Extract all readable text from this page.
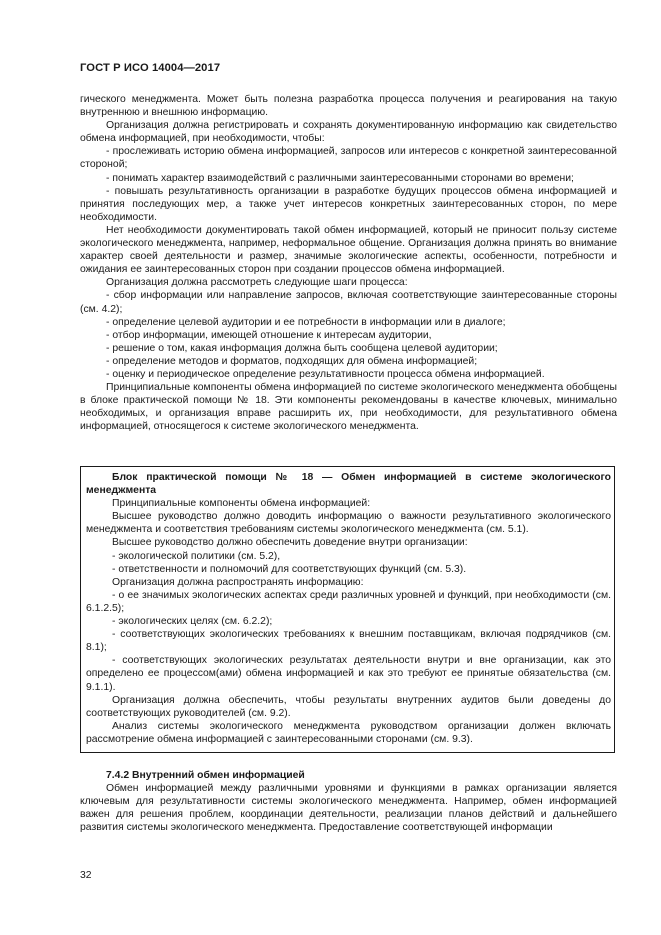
ГОСТ Р ИСО 14004—2017

гического менеджмента. Может быть полезна разработка процесса получения и реагирования на такую внутреннюю и внешнюю информацию.

Организация должна регистрировать и сохранять документированную информацию как свидетельство обмена информацией, при необходимости, чтобы:

- прослеживать историю обмена информацией, запросов или интересов с конкретной заинтересованной стороной;

- понимать характер взаимодействий с различными заинтересованными сторонами во времени;

- повышать результативность организации в разработке будущих процессов обмена информацией и принятия последующих мер, а также учет интересов конкретных заинтересованных сторон, по мере необходимости.

Нет необходимости документировать такой обмен информацией, который не приносит пользу системе экологического менеджмента, например, неформальное общение. Организация должна принять во внимание характер своей деятельности и размер, значимые экологические аспекты, особенности, потребности и ожидания ее заинтересованных сторон при создании процессов обмена информацией.

Организация должна рассмотреть следующие шаги процесса:

- сбор информации или направление запросов, включая соответствующие заинтересованные стороны (см. 4.2);

- определение целевой аудитории и ее потребности в информации или в диалоге;

- отбор информации, имеющей отношение к интересам аудитории,

- решение о том, какая информация должна быть сообщена целевой аудитории;

- определение методов и форматов, подходящих для обмена информацией;

- оценку и периодическое определение результативности процесса обмена информацией.

Принципиальные компоненты обмена информацией по системе экологического менеджмента обобщены в блоке практической помощи № 18. Эти компоненты рекомендованы в качестве ключевых, минимально необходимых, и организация вправе расширить их, при необходимости, для результативного обмена информацией, относящегося к системе экологического менеджмента.

Блок практической помощи № 18 — Обмен информацией в системе экологического менеджмента

Принципиальные компоненты обмена информацией:

Высшее руководство должно доводить информацию о важности результативного экологического менеджмента и соответствия требованиям системы экологического менеджмента (см. 5.1).

Высшее руководство должно обеспечить доведение внутри организации:

- экологической политики (см. 5.2),

- ответственности и полномочий для соответствующих функций (см. 5.3).

Организация должна распространять информацию:

- о ее значимых экологических аспектах среди различных уровней и функций, при необходимости (см. 6.1.2.5);

- экологических целях (см. 6.2.2);

- соответствующих экологических требованиях к внешним поставщикам, включая подрядчиков (см. 8.1);

- соответствующих экологических результатах деятельности внутри и вне организации, как это определено ее процессом(ами) обмена информацией и как это требуют ее принятые обязательства (см. 9.1.1).

Организация должна обеспечить, чтобы результаты внутренних аудитов были доведены до соответствующих руководителей (см. 9.2).

Анализ системы экологического менеджмента руководством организации должен включать рассмотрение обмена информацией с заинтересованными сторонами (см. 9.3).

7.4.2 Внутренний обмен информацией

Обмен информацией между различными уровнями и функциями в рамках организации является ключевым для результативности системы экологического менеджмента. Например, обмен информацией важен для решения проблем, координации деятельности, реализации планов действий и дальнейшего развития системы экологического менеджмента. Предоставление соответствующей информации

32
